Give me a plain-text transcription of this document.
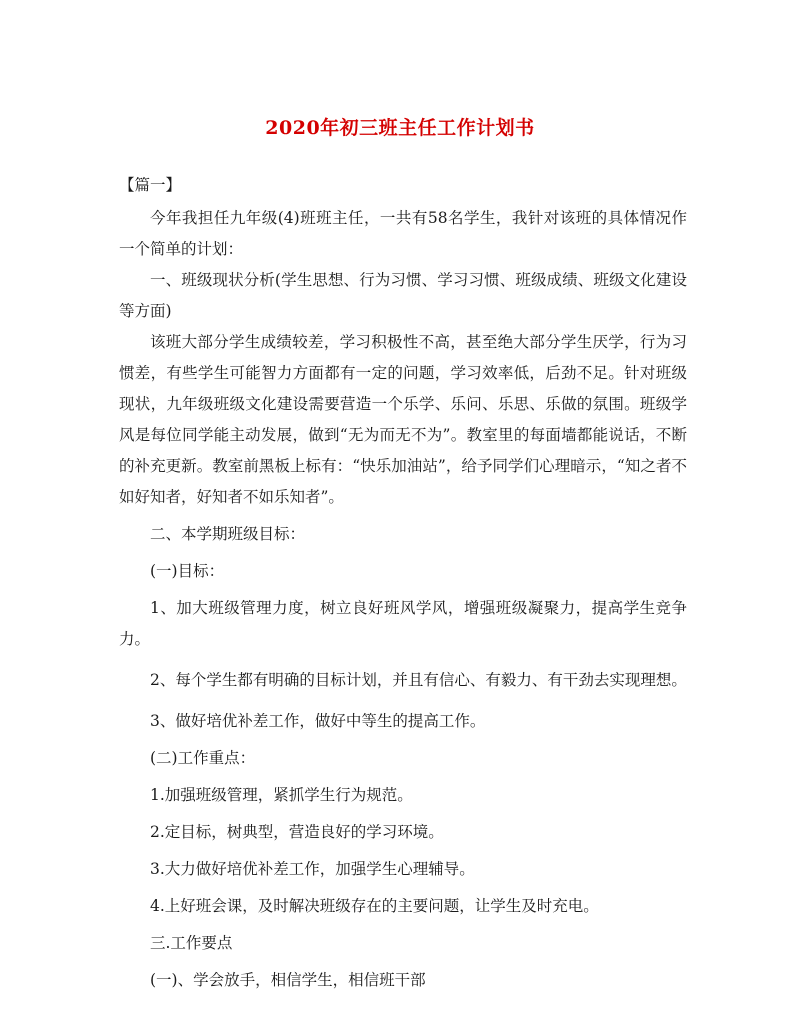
2020年初三班主任工作计划书

【篇一】

今年我担任九年级(4)班班主任，一共有58名学生，我针对该班的具体情况作一个简单的计划：

一、班级现状分析(学生思想、行为习惯、学习习惯、班级成绩、班级文化建设等方面)

该班大部分学生成绩较差，学习积极性不高，甚至绝大部分学生厌学，行为习惯差，有些学生可能智力方面都有一定的问题，学习效率低，后劲不足。针对班级现状，九年级班级文化建设需要营造一个乐学、乐问、乐思、乐做的氛围。班级学风是每位同学能主动发展，做到“无为而无不为”。教室里的每面墙都能说话，不断的补充更新。教室前黑板上标有：“快乐加油站”，给予同学们心理暗示，“知之者不如好知者，好知者不如乐知者”。

二、本学期班级目标：

(一)目标：

1、加大班级管理力度，树立良好班风学风，增强班级凝聚力，提高学生竞争力。

2、每个学生都有明确的目标计划，并且有信心、有毅力、有干劲去实现理想。

3、做好培优补差工作，做好中等生的提高工作。

(二)工作重点：

1.加强班级管理，紧抓学生行为规范。

2.定目标，树典型，营造良好的学习环境。

3.大力做好培优补差工作，加强学生心理辅导。

4.上好班会课，及时解决班级存在的主要问题，让学生及时充电。

三.工作要点

(一)、学会放手，相信学生，相信班干部
